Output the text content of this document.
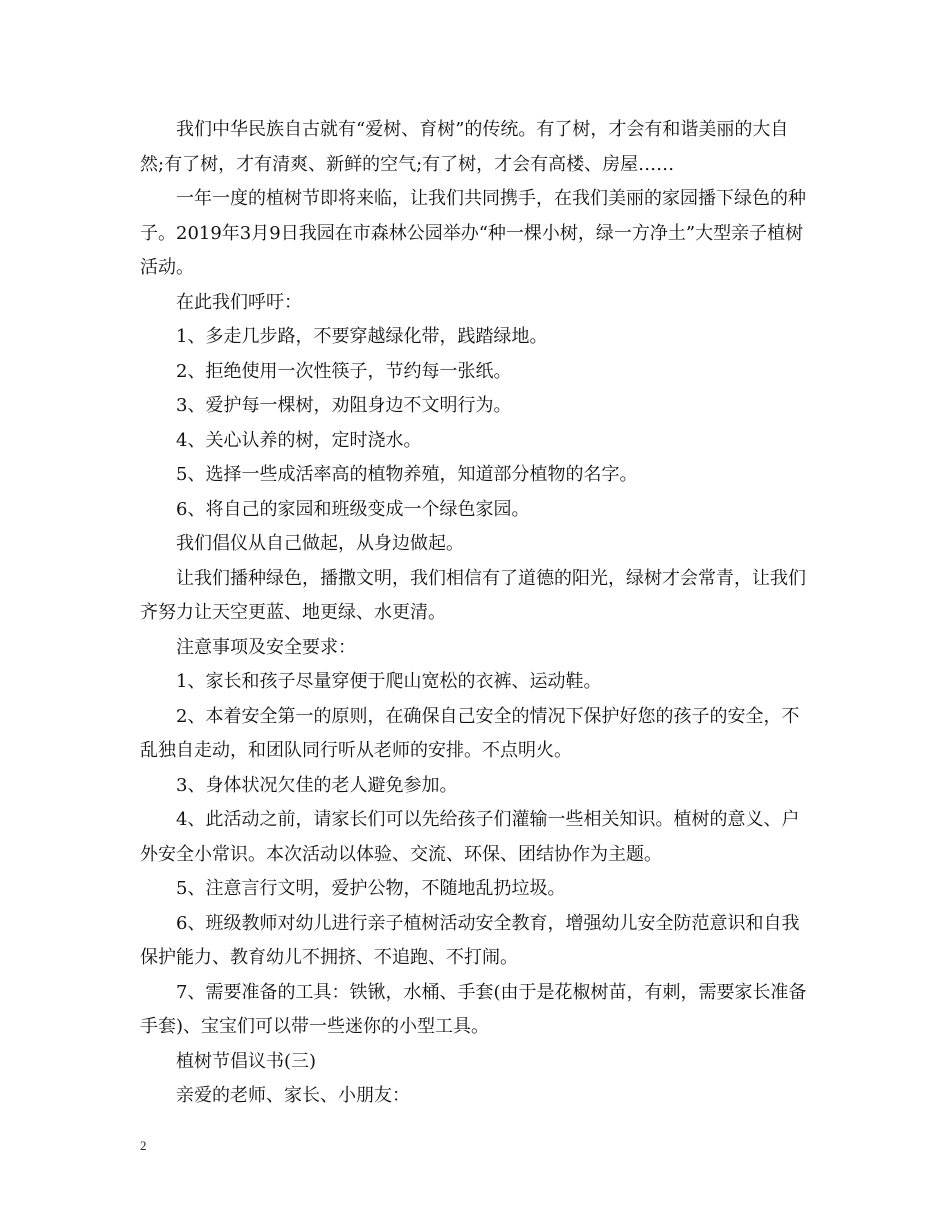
我们中华民族自古就有“爱树、育树”的传统。有了树，才会有和谐美丽的大自然;有了树，才有清爽、新鲜的空气;有了树，才会有高楼、房屋……

一年一度的植树节即将来临，让我们共同携手，在我们美丽的家园播下绿色的种子。2019年3月9日我园在市森林公园举办“种一棵小树，绿一方净土”大型亲子植树活动。

在此我们呼吁：

1、多走几步路，不要穿越绿化带，践踏绿地。

2、拒绝使用一次性筷子，节约每一张纸。

3、爱护每一棵树，劝阻身边不文明行为。

4、关心认养的树，定时浇水。

5、选择一些成活率高的植物养殖，知道部分植物的名字。

6、将自己的家园和班级变成一个绿色家园。

我们倡仪从自己做起，从身边做起。

让我们播种绿色，播撒文明，我们相信有了道德的阳光，绿树才会常青，让我们齐努力让天空更蓝、地更绿、水更清。

注意事项及安全要求：

1、家长和孩子尽量穿便于爬山宽松的衣裤、运动鞋。

2、本着安全第一的原则，在确保自己安全的情况下保护好您的孩子的安全，不乱独自走动，和团队同行听从老师的安排。不点明火。

3、身体状况欠佳的老人避免参加。

4、此活动之前，请家长们可以先给孩子们灌输一些相关知识。植树的意义、户外安全小常识。本次活动以体验、交流、环保、团结协作为主题。

5、注意言行文明，爱护公物，不随地乱扔垃圾。

6、班级教师对幼儿进行亲子植树活动安全教育，增强幼儿安全防范意识和自我保护能力、教育幼儿不拥挤、不追跑、不打闹。

7、需要准备的工具：铁锹，水桶、手套(由于是花椒树苗，有刺，需要家长准备手套)、宝宝们可以带一些迷你的小型工具。

植树节倡议书(三)

亲爱的老师、家长、小朋友：

2
